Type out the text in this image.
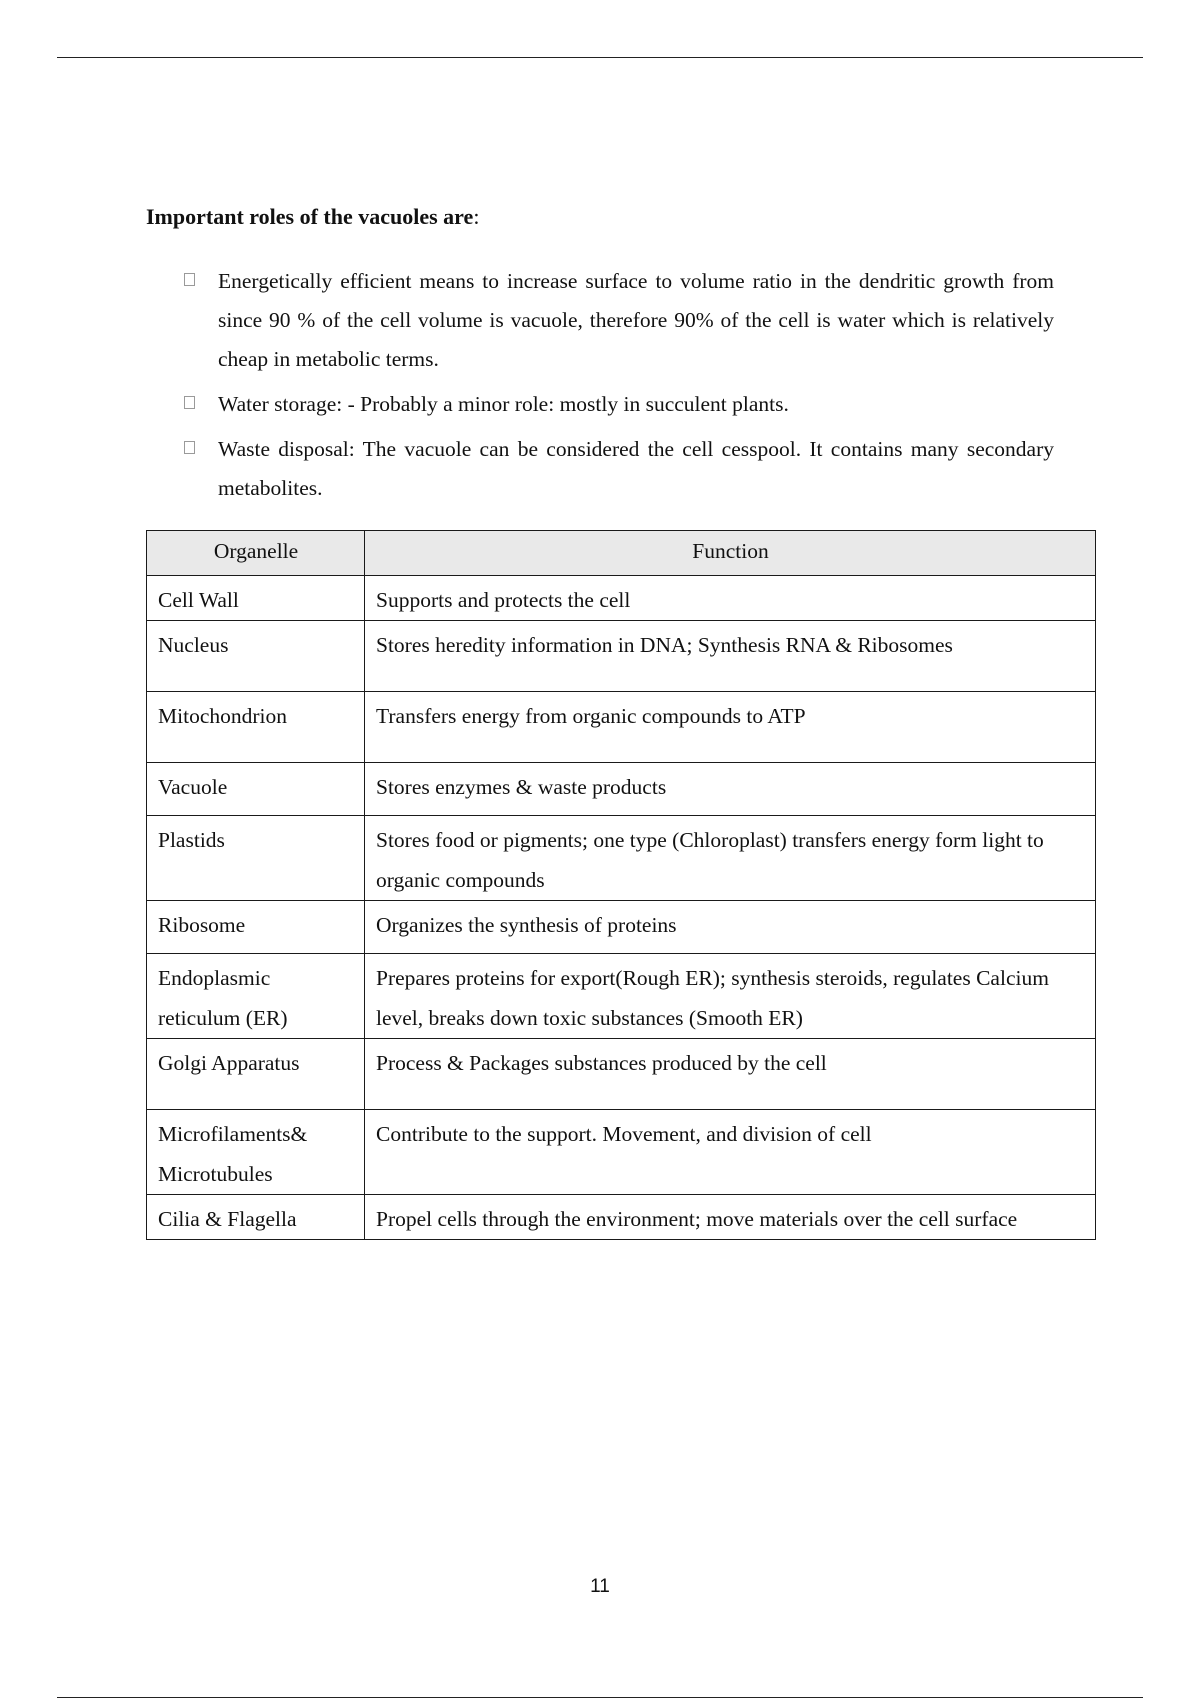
Important roles of the vacuoles are:
Energetically efficient means to increase surface to volume ratio in the dendritic growth from since 90 % of the cell volume is vacuole, therefore 90% of the cell is water which is relatively cheap in metabolic terms.
Water storage: - Probably a minor role: mostly in succulent plants.
Waste disposal: The vacuole can be considered the cell cesspool. It contains many secondary metabolites.
Organelle	Function
Cell Wall	Supports and protects the cell
Nucleus	Stores heredity information in DNA; Synthesis RNA & Ribosomes
Mitochondrion	Transfers energy from organic compounds to ATP
Vacuole	Stores enzymes & waste products
Plastids	Stores food or pigments; one type (Chloroplast) transfers energy form light to organic compounds
Ribosome	Organizes the synthesis of proteins
Endoplasmic reticulum (ER)	Prepares proteins for export(Rough ER); synthesis steroids, regulates Calcium level, breaks down toxic substances (Smooth ER)
Golgi Apparatus	Process & Packages substances produced by the cell
Microfilaments& Microtubules	Contribute to the support. Movement, and division of cell
Cilia & Flagella	Propel cells through the environment; move materials over the cell surface
11
